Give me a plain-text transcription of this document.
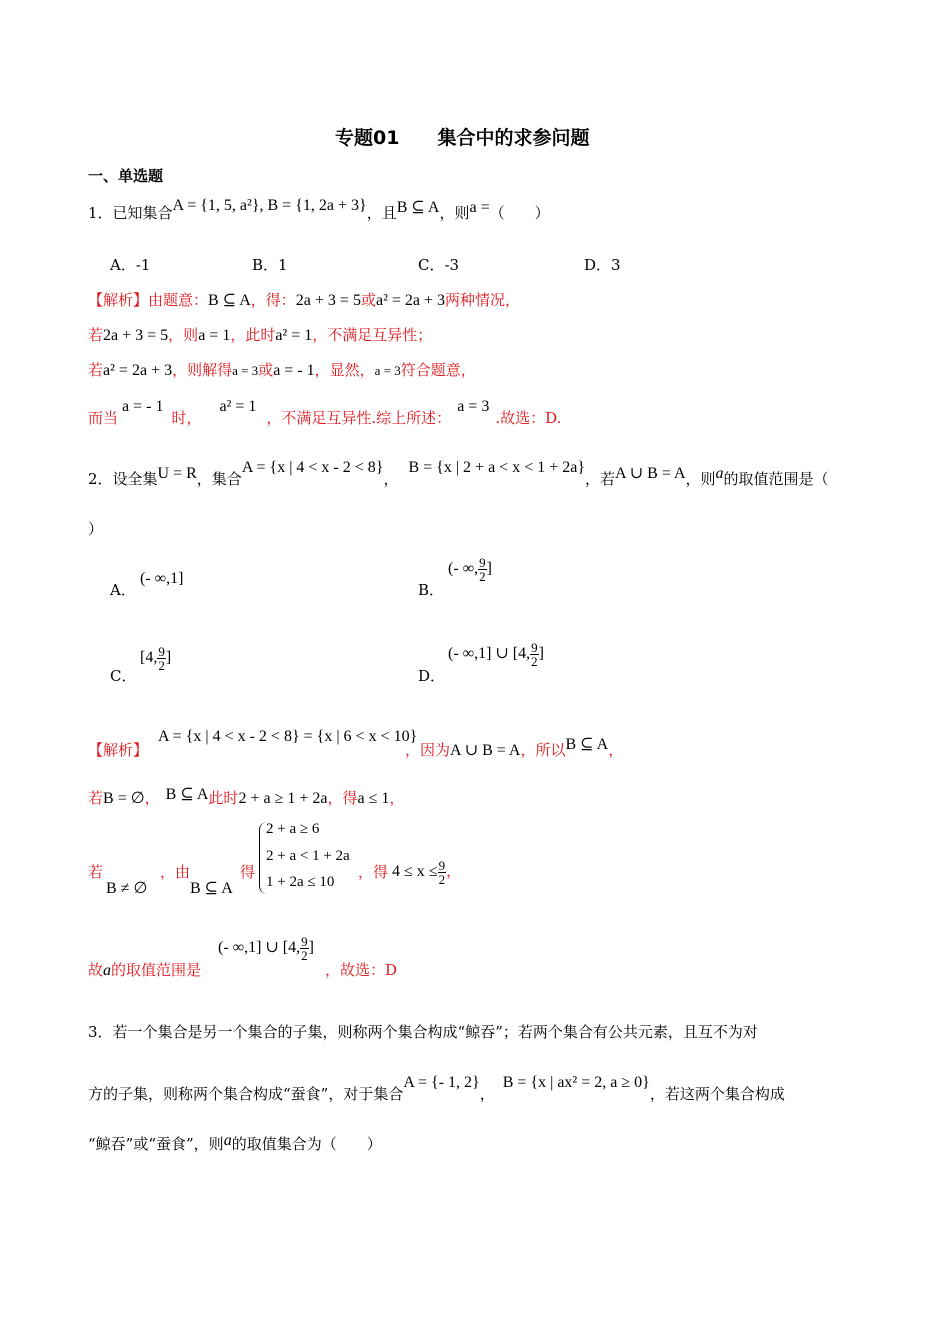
专题01　　集合中的求参问题
一、单选题
1．已知集合A = {1, 5, a²}, B = {1, 2a + 3}，且B ⊆ A，则a =（　　）
A．-1	B．1	C．-3	D．3
【解析】由题意：B ⊆ A，得：2a + 3 = 5或a² = 2a + 3两种情况，
若2a + 3 = 5，则a = 1，此时a² = 1，不满足互异性；
若a² = 2a + 3，则解得a = 3或a = - 1，显然，a = 3符合题意，
而当a = - 1时，a² = 1，不满足互异性.综上所述：a = 3.故选：D.
2．设全集U = R，集合A = {x | 4 < x - 2 < 8}，B = {x | 2 + a < x < 1 + 2a}，若A ∪ B = A，则a的取值范围是（
）
A．
(- ∞,1]
B．
(- ∞, $\frac{9}{2}$ ]
C．
[4, $\frac{9}{2}$ ]
D．
(- ∞,1] ∪ [4, $\frac{9}{2}$ ]
【解析】
A = {x | 4 < x - 2 < 8} = {x | 6 < x < 10}
，因为A ∪ B = A，所以B ⊆ A，
若B = ∅， B ⊆ A此时2 + a ≥ 1 + 2a，得a ≤ 1，
若
B ≠ ∅
，由
B ⊆ A
得
2 + a ≥ 6
2 + a < 1 + 2a
1 + 2a ≤ 10
，得 $4 \le x \le \frac{9}{2}$ ，
故a的取值范围是
(- ∞,1] ∪ [4, $\frac{9}{2}$ ]
，故选：D
3．若一个集合是另一个集合的子集，则称两个集合构成“鲸吞”；若两个集合有公共元素，且互不为对
方的子集，则称两个集合构成“蚕食”，对于集合A = {- 1, 2}，B = {x | ax² = 2, a ≥ 0}，若这两个集合构成
“鲸吞”或“蚕食”，则a的取值集合为（　　）
